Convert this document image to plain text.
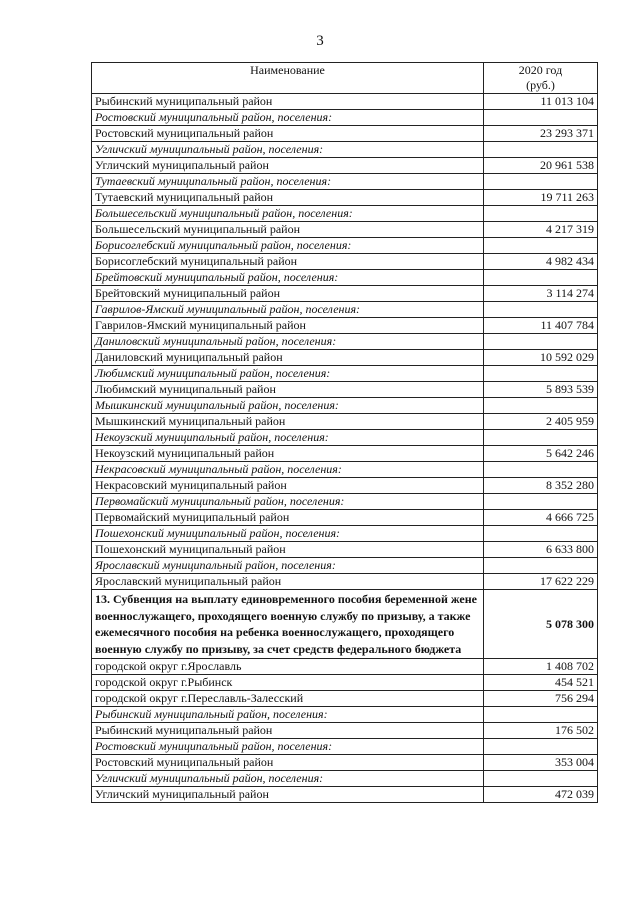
3
Наименование	2020 год
(руб.)

Рыбинский муниципальный район	11 013 104
Ростовский муниципальный район, поселения:	
Ростовский муниципальный район	23 293 371
Угличский муниципальный район, поселения:	
Угличский муниципальный район	20 961 538
Тутаевский муниципальный район, поселения:	
Тутаевский муниципальный район	19 711 263
Большесельский муниципальный район, поселения:	
Большесельский муниципальный район	4 217 319
Борисоглебский муниципальный район, поселения:	
Борисоглебский муниципальный район	4 982 434
Брейтовский муниципальный район, поселения:	
Брейтовский муниципальный район	3 114 274
Гаврилов-Ямский муниципальный район, поселения:	
Гаврилов-Ямский муниципальный район	11 407 784
Даниловский муниципальный район, поселения:	
Даниловский муниципальный район	10 592 029
Любимский муниципальный район, поселения:	
Любимский муниципальный район	5 893 539
Мышкинский муниципальный район, поселения:	
Мышкинский муниципальный район	2 405 959
Некоузский муниципальный район, поселения:	
Некоузский муниципальный район	5 642 246
Некрасовский муниципальный район, поселения:	
Некрасовский муниципальный район	8 352 280
Первомайский муниципальный район, поселения:	
Первомайский муниципальный район	4 666 725
Пошехонский муниципальный район, поселения:	
Пошехонский муниципальный район	6 633 800
Ярославский муниципальный район, поселения:	
Ярославский муниципальный район	17 622 229
13. Субвенция на выплату единовременного пособия беременной жене военнослужащего, проходящего военную службу по призыву, а также ежемесячного пособия на ребенка военнослужащего, проходящего военную службу по призыву, за счет средств федерального бюджета	5 078 300
городской округ г.Ярославль	1 408 702
городской округ г.Рыбинск	454 521
городской округ г.Переславль-Залесский	756 294
Рыбинский муниципальный район, поселения:	
Рыбинский муниципальный район	176 502
Ростовский муниципальный район, поселения:	
Ростовский муниципальный район	353 004
Угличский муниципальный район, поселения:	
Угличский муниципальный район	472 039
